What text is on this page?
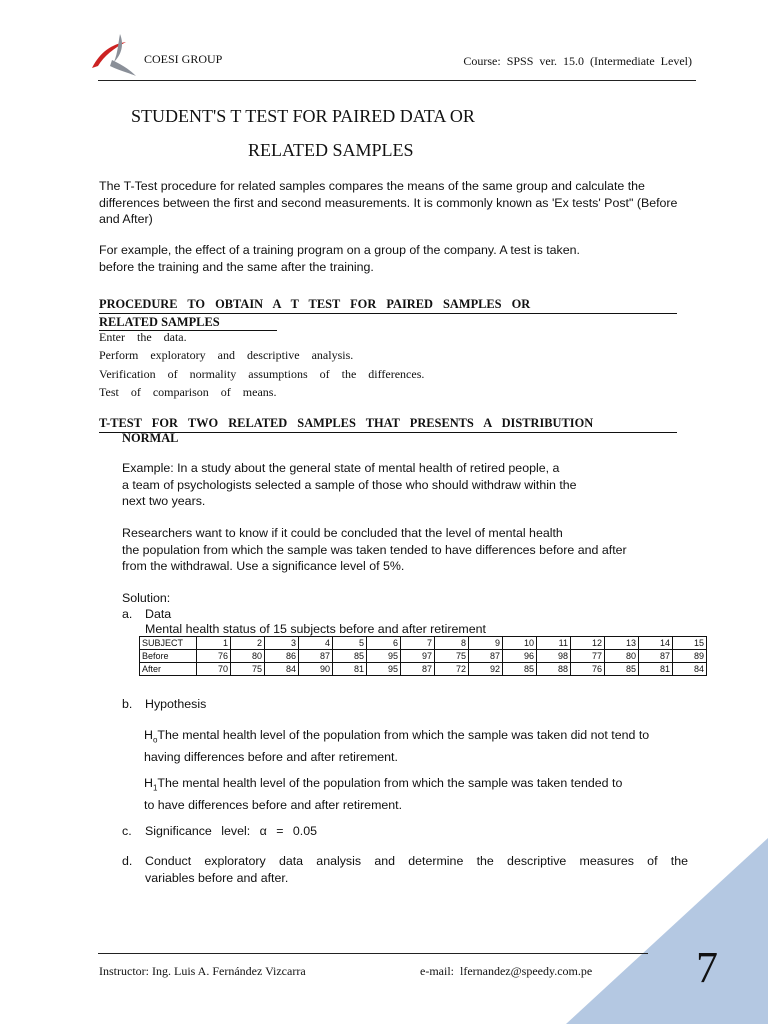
COESI GROUP	Course: SPSS ver. 15.0 (Intermediate Level)
STUDENT'S T TEST FOR PAIRED DATA OR
RELATED SAMPLES
The T-Test procedure for related samples compares the means of the same group and calculate the differences between the first and second measurements. It is commonly known as 'Ex tests' Post" (Before and After)
For example, the effect of a training program on a group of the company. A test is taken.
before the training and the same after the training.
PROCEDURE TO OBTAIN A T TEST FOR PAIRED SAMPLES OR
RELATED SAMPLES
Enter the data.
Perform exploratory and descriptive analysis.
Verification of normality assumptions of the differences.
Test of comparison of means.
T-TEST FOR TWO RELATED SAMPLES THAT PRESENTS A DISTRIBUTION
NORMAL
Example: In a study about the general state of mental health of retired people, a
a team of psychologists selected a sample of those who should withdraw within the
next two years.
Researchers want to know if it could be concluded that the level of mental health
the population from which the sample was taken tended to have differences before and after
from the withdrawal. Use a significance level of 5%.
Solution:
a. Data
Mental health status of 15 subjects before and after retirement
SUBJECT	1	2	3	4	5	6	7	8	9	10	11	12	13	14	15
Before	76	80	86	87	85	95	97	75	87	96	98	77	80	87	89
After	70	75	84	90	81	95	87	72	92	85	88	76	85	81	84
b. Hypothesis
$H_oThe$ mental health level of the population from which the sample was taken did not tend to
having differences before and after retirement.
$H_1The$ mental health level of the population from which the sample was taken tended to
to have differences before and after retirement.
c. Significance level: α = 0.05
d. Conduct exploratory data analysis and determine the descriptive measures of the
variables before and after.
Instructor: Ing. Luis A. Fernández Vizcarra	e-mail: lfernandez@speedy.com.pe 7
